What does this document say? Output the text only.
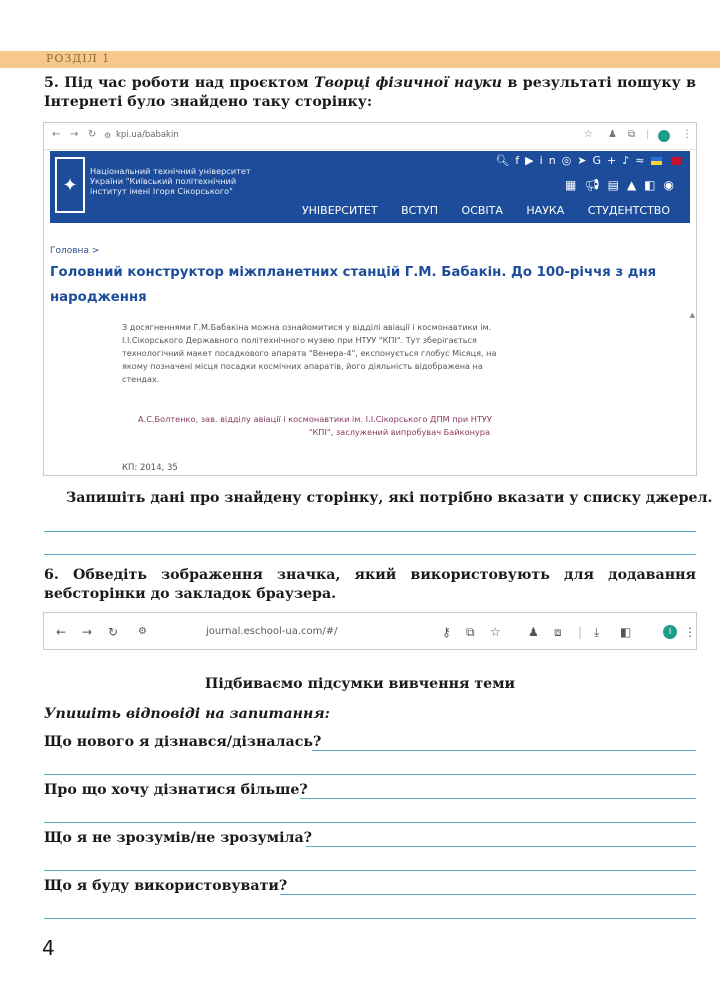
РОЗДІЛ 1
5. Під час роботи над проєктом Творці фізичної науки в результаті пошуку в Інтернеті було знайдено таку сторінку:
← → ↻ ⚙ kpi.ua/babakin	☆ ♟ ⧉ |	⋮
✦
Національний технічний університет
України "Київський політехнічний
інститут імені Ігоря Сікорського"
🔍︎f▶in◎➤G+♪≈
▦📢︎▤▲◧◉
УНІВЕРСИТЕТ ВСТУП ОСВІТА НАУКА СТУДЕНТСТВО
Головна >
Головний конструктор міжпланетних станцій Г.М. Бабакін. До 100-річчя з дня народження
З досягненнями Г.М.Бабакіна можна ознайомитися у відділі авіації і космонавтики ім. І.І.Сікорського Державного політехнічного музею при НТУУ "КПІ". Тут зберігається технологічний макет посадкового апарата "Венера-4", експонується глобус Місяця, на якому позначені місця посадки космічних апаратів, його діяльність відображена на стендах.
А.С.Болтенко, зав. відділу авіації і космонавтики ім. І.І.Сікорського ДПМ при НТУУ
"КПІ", заслужений випробувач Байконура
КП: 2014, 35
▲
Запишіть дані про знайдену сторінку, які потрібно вказати у списку джерел.
6. Обведіть зображення значка, який використовують для додавання вебсторінки до закладок браузера.
← → ↻ ⚙	journal.eschool-ua.com/#/	⚷ ⧉ ☆ ♟ ⧈ | ⤓ ◧	I	⋮
Підбиваємо підсумки вивчення теми
Упишіть відповіді на запитання:
Що нового я дізнався/дізналась?
Про що хочу дізнатися більше?
Що я не зрозумів/не зрозуміла?
Що я буду використовувати?
4
